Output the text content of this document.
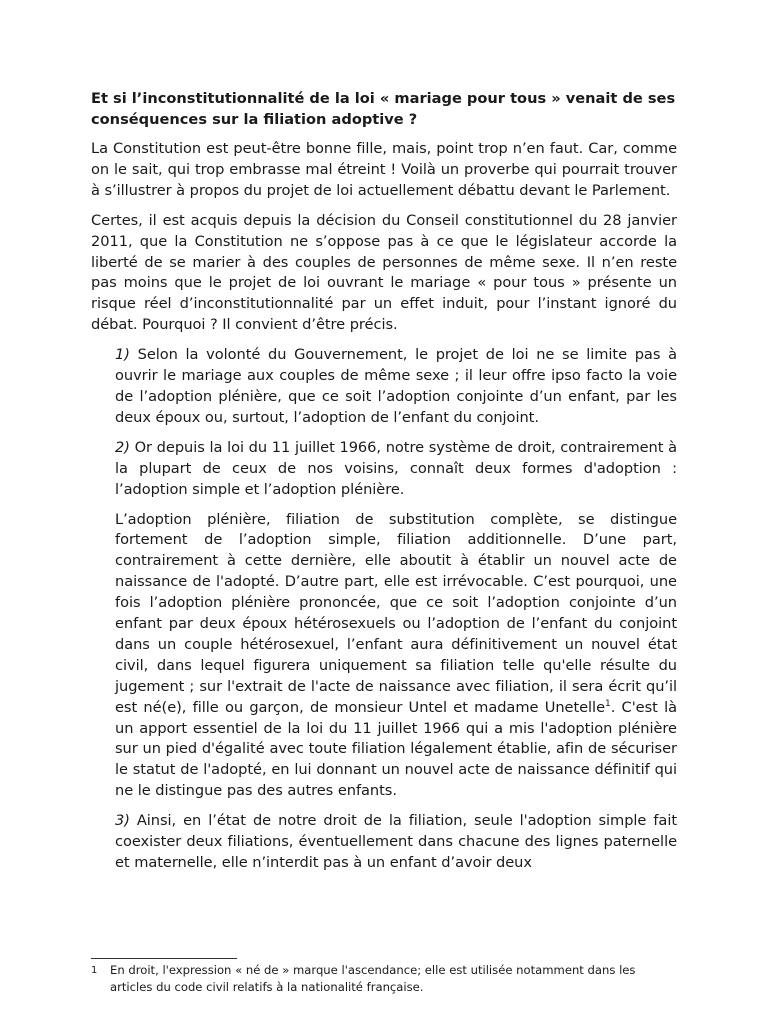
Et si l’inconstitutionnalité de la loi « mariage pour tous » venait de ses conséquences sur la filiation adoptive ?

La Constitution est peut-être bonne fille, mais, point trop n’en faut. Car, comme on le sait, qui trop embrasse mal étreint ! Voilà un proverbe qui pourrait trouver à s’illustrer à propos du projet de loi actuellement débattu devant le Parlement.

Certes, il est acquis depuis la décision du Conseil constitutionnel du 28 janvier 2011, que la Constitution ne s’oppose pas à ce que le législateur accorde la liberté de se marier à des couples de personnes de même sexe. Il n’en reste pas moins que le projet de loi ouvrant le mariage « pour tous » présente un risque réel d’inconstitutionnalité par un effet induit, pour l’instant ignoré du débat. Pourquoi ? Il convient d’être précis.

1) Selon la volonté du Gouvernement, le projet de loi ne se limite pas à ouvrir le mariage aux couples de même sexe ; il leur offre ipso facto la voie de l’adoption plénière, que ce soit l’adoption conjointe d’un enfant, par les deux époux ou, surtout, l’adoption de l’enfant du conjoint.

2) Or depuis la loi du 11 juillet 1966, notre système de droit, contrairement à la plupart de ceux de nos voisins, connaît deux formes d'adoption : l’adoption simple et l’adoption plénière.

L’adoption plénière, filiation de substitution complète, se distingue fortement de l’adoption simple, filiation additionnelle. D’une part, contrairement à cette dernière, elle aboutit à établir un nouvel acte de naissance de l'adopté. D’autre part, elle est irrévocable. C’est pourquoi, une fois l’adoption plénière prononcée, que ce soit l’adoption conjointe d’un enfant par deux époux hétérosexuels ou l’adoption de l’enfant du conjoint dans un couple hétérosexuel, l’enfant aura définitivement un nouvel état civil, dans lequel figurera uniquement sa filiation telle qu'elle résulte du jugement ; sur l'extrait de l'acte de naissance avec filiation, il sera écrit qu’il est né(e), fille ou garçon, de monsieur Untel et madame Unetelle$^1$. C'est là un apport essentiel de la loi du 11 juillet 1966 qui a mis l'adoption plénière sur un pied d'égalité avec toute filiation légalement établie, afin de sécuriser le statut de l'adopté, en lui donnant un nouvel acte de naissance définitif qui ne le distingue pas des autres enfants.

3) Ainsi, en l’état de notre droit de la filiation, seule l'adoption simple fait coexister deux filiations, éventuellement dans chacune des lignes paternelle et maternelle, elle n’interdit pas à un enfant d’avoir deux

1 En droit, l'expression « né de » marque l'ascendance; elle est utilisée notamment dans les articles du code civil relatifs à la nationalité française.
